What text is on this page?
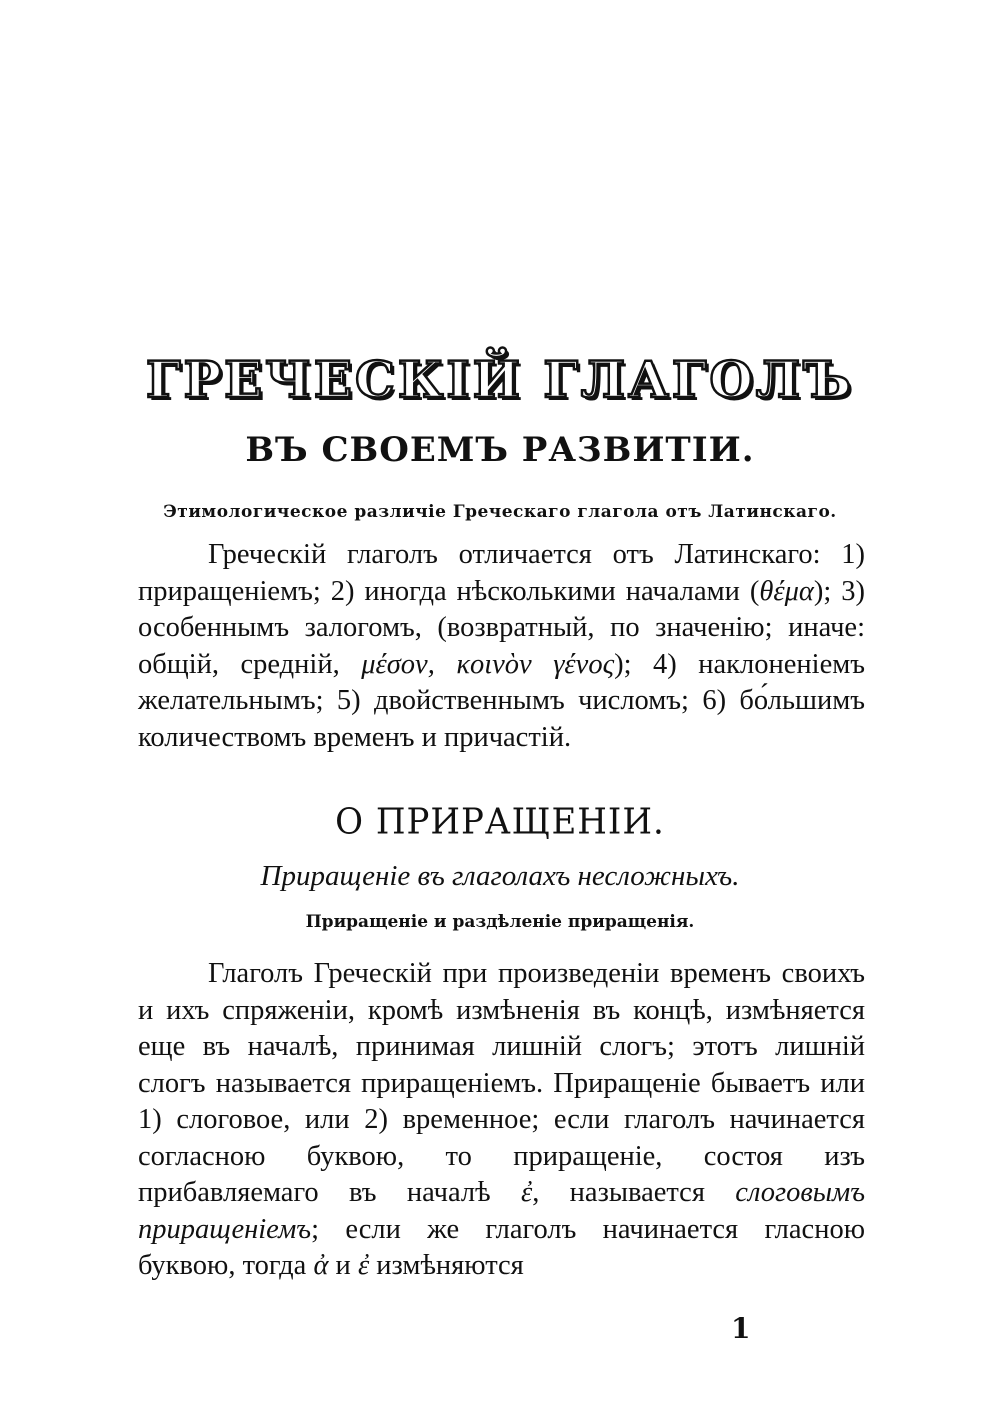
ГРЕЧЕСКІЙ ГЛАГОЛЪ
ВЪ СВОЕМЪ РАЗВИТІИ.
Этимологическое различіе Греческаго глагола отъ Латинскаго.

Греческій глаголъ отличается отъ Латинскаго: 1) приращеніемъ; 2) иногда нѣсколькими началами (θέμα); 3) особеннымъ залогомъ, (возвратный, по значенію; иначе: общій, средній, μέσον, κοινὸν γένος); 4) наклоненіемъ желательнымъ; 5) двойственнымъ числомъ; 6) бо́льшимъ количествомъ временъ и причастій.

О ПРИРАЩЕНІИ.
Приращеніе въ глаголахъ несложныхъ.
Приращеніе и раздѣленіе приращенія.

Глаголъ Греческій при произведеніи временъ своихъ и ихъ спряженіи, кромѣ измѣненія въ концѣ, измѣняется еще въ началѣ, принимая лишній слогъ; этотъ лишній слогъ называется приращеніемъ. Приращеніе бываетъ или 1) слоговое, или 2) временное; если глаголъ начинается согласною буквою, то приращеніе, состоя изъ прибавляемаго въ началѣ ἐ, называется слоговымъ приращеніемъ; если же глаголъ начинается гласною буквою, тогда ἀ и ἐ измѣняются

1
